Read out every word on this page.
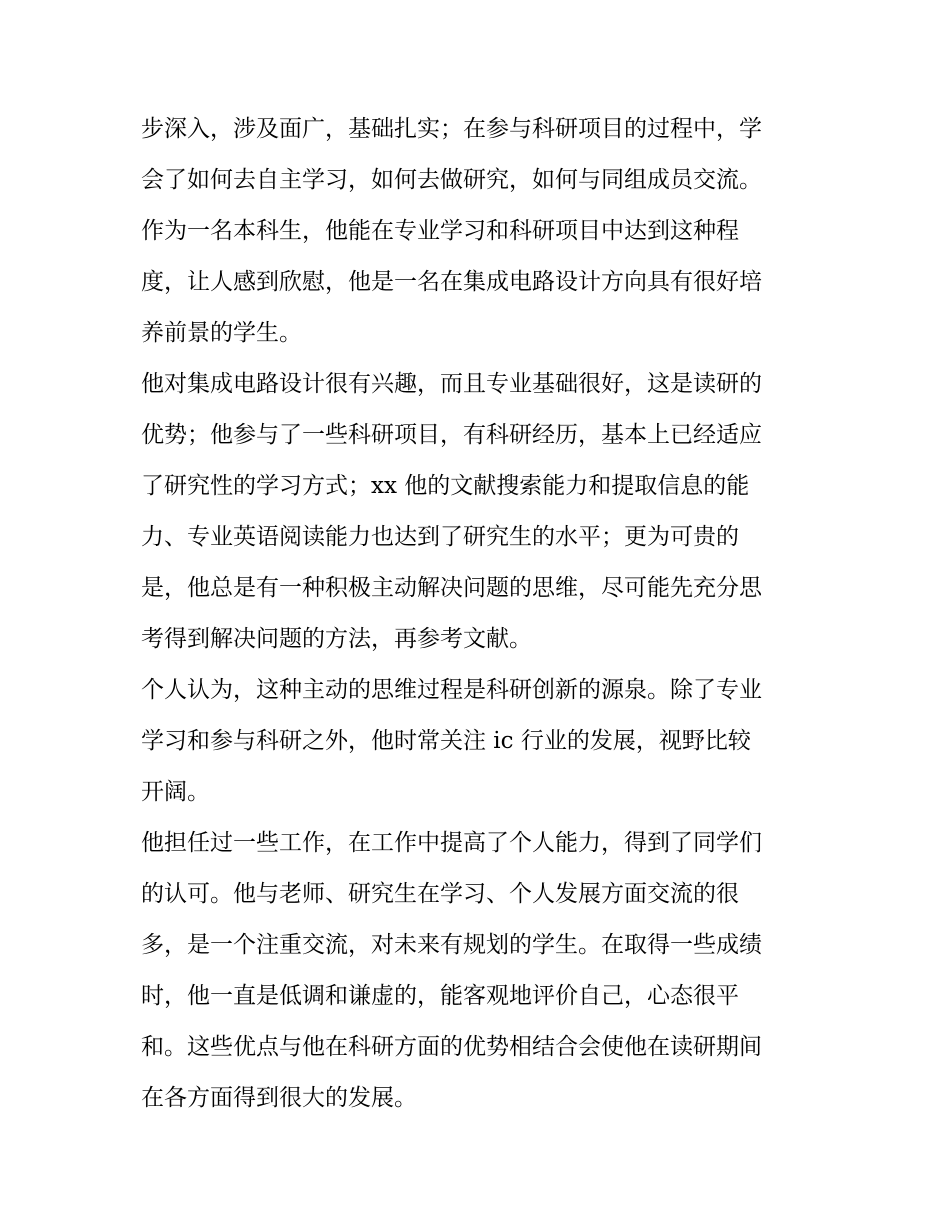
步深入，涉及面广，基础扎实；在参与科研项目的过程中，学
会了如何去自主学习，如何去做研究，如何与同组成员交流。
作为一名本科生，他能在专业学习和科研项目中达到这种程
度，让人感到欣慰，他是一名在集成电路设计方向具有很好培
养前景的学生。
他对集成电路设计很有兴趣，而且专业基础很好，这是读研的
优势；他参与了一些科研项目，有科研经历，基本上已经适应
了研究性的学习方式；xx 他的文献搜索能力和提取信息的能
力、专业英语阅读能力也达到了研究生的水平；更为可贵的
是，他总是有一种积极主动解决问题的思维，尽可能先充分思
考得到解决问题的方法，再参考文献。
个人认为，这种主动的思维过程是科研创新的源泉。除了专业
学习和参与科研之外，他时常关注 ic 行业的发展，视野比较
开阔。
他担任过一些工作，在工作中提高了个人能力，得到了同学们
的认可。他与老师、研究生在学习、个人发展方面交流的很
多，是一个注重交流，对未来有规划的学生。在取得一些成绩
时，他一直是低调和谦虚的，能客观地评价自己，心态很平
和。这些优点与他在科研方面的优势相结合会使他在读研期间
在各方面得到很大的发展。
